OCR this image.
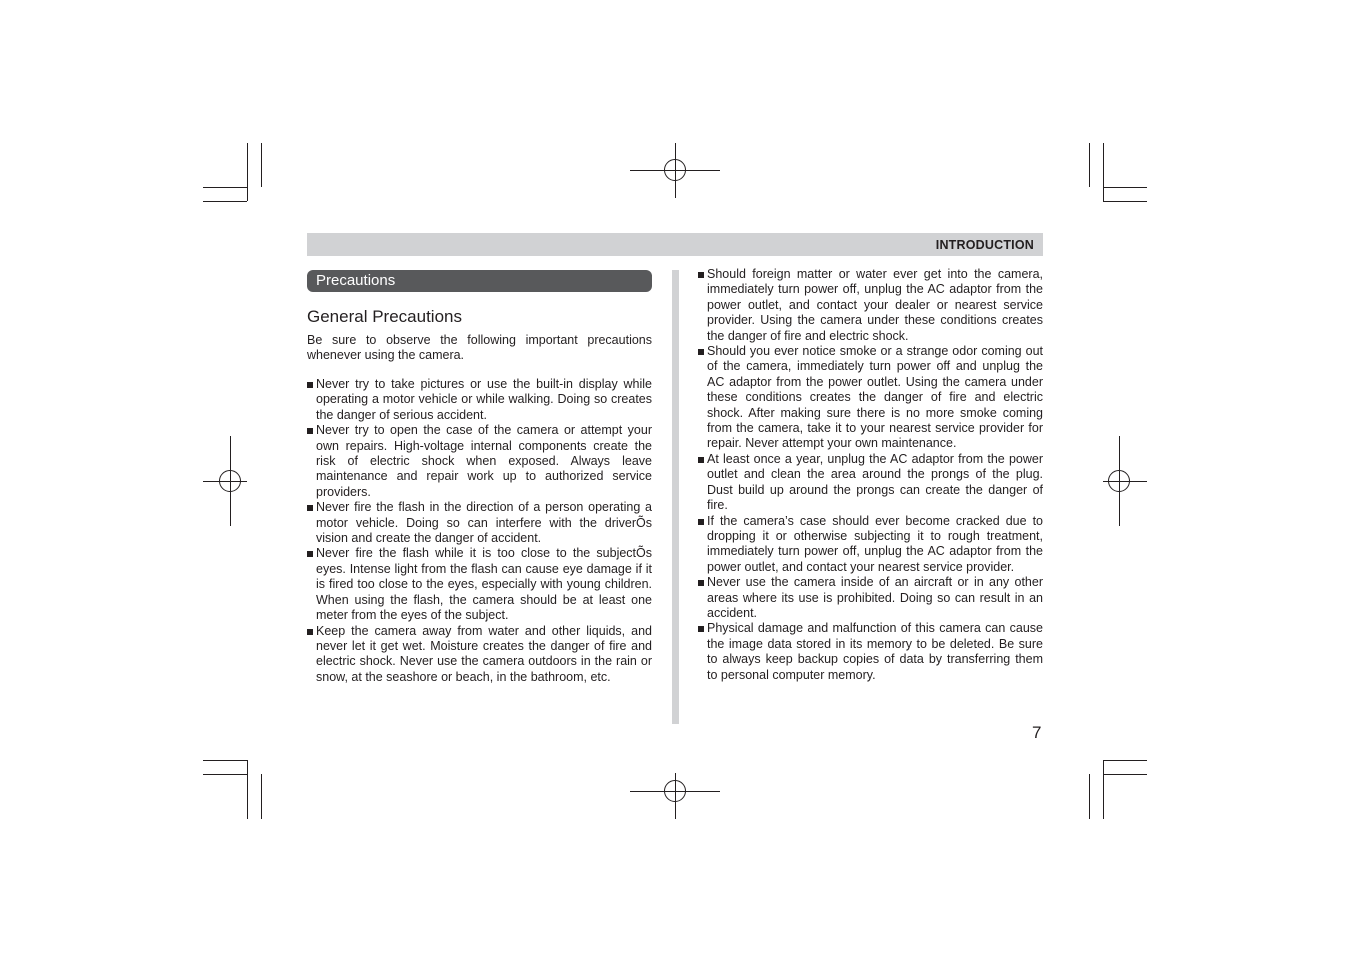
INTRODUCTION
Precautions
General Precautions
Be sure to observe the following important precautions whenever using the camera.
Never try to take pictures or use the built-in display while operating a motor vehicle or while walking. Doing so creates the danger of serious accident.
Never try to open the case of the camera or attempt your own repairs. High-voltage internal components create the risk of electric shock when exposed. Always leave maintenance and repair work up to authorized service providers.
Never fire the flash in the direction of a person operating a motor vehicle. Doing so can interfere with the driverÕs vision and create the danger of accident.
Never fire the flash while it is too close to the subjectÕs eyes. Intense light from the flash can cause eye damage if it is fired too close to the eyes, especially with young children. When using the flash, the camera should be at least one meter from the eyes of the subject.
Keep the camera away from water and other liquids, and never let it get wet. Moisture creates the danger of fire and electric shock. Never use the camera outdoors in the rain or snow, at the seashore or beach, in the bathroom, etc.
Should foreign matter or water ever get into the camera, immediately turn power off, unplug the AC adaptor from the power outlet, and contact your dealer or nearest service provider. Using the camera under these conditions creates the danger of fire and electric shock.
Should you ever notice smoke or a strange odor coming out of the camera, immediately turn power off and unplug the AC adaptor from the power outlet. Using the camera under these conditions creates the danger of fire and electric shock. After making sure there is no more smoke coming from the camera, take it to your nearest service provider for repair. Never attempt your own maintenance.
At least once a year, unplug the AC adaptor from the power outlet and clean the area around the prongs of the plug. Dust build up around the prongs can create the danger of fire.
If the camera’s case should ever become cracked due to dropping it or otherwise subjecting it to rough treatment, immediately turn power off, unplug the AC adaptor from the power outlet, and contact your nearest service provider.
Never use the camera inside of an aircraft or in any other areas where its use is prohibited. Doing so can result in an accident.
Physical damage and malfunction of this camera can cause the image data stored in its memory to be deleted. Be sure to always keep backup copies of data by transferring them to personal computer memory.
7
